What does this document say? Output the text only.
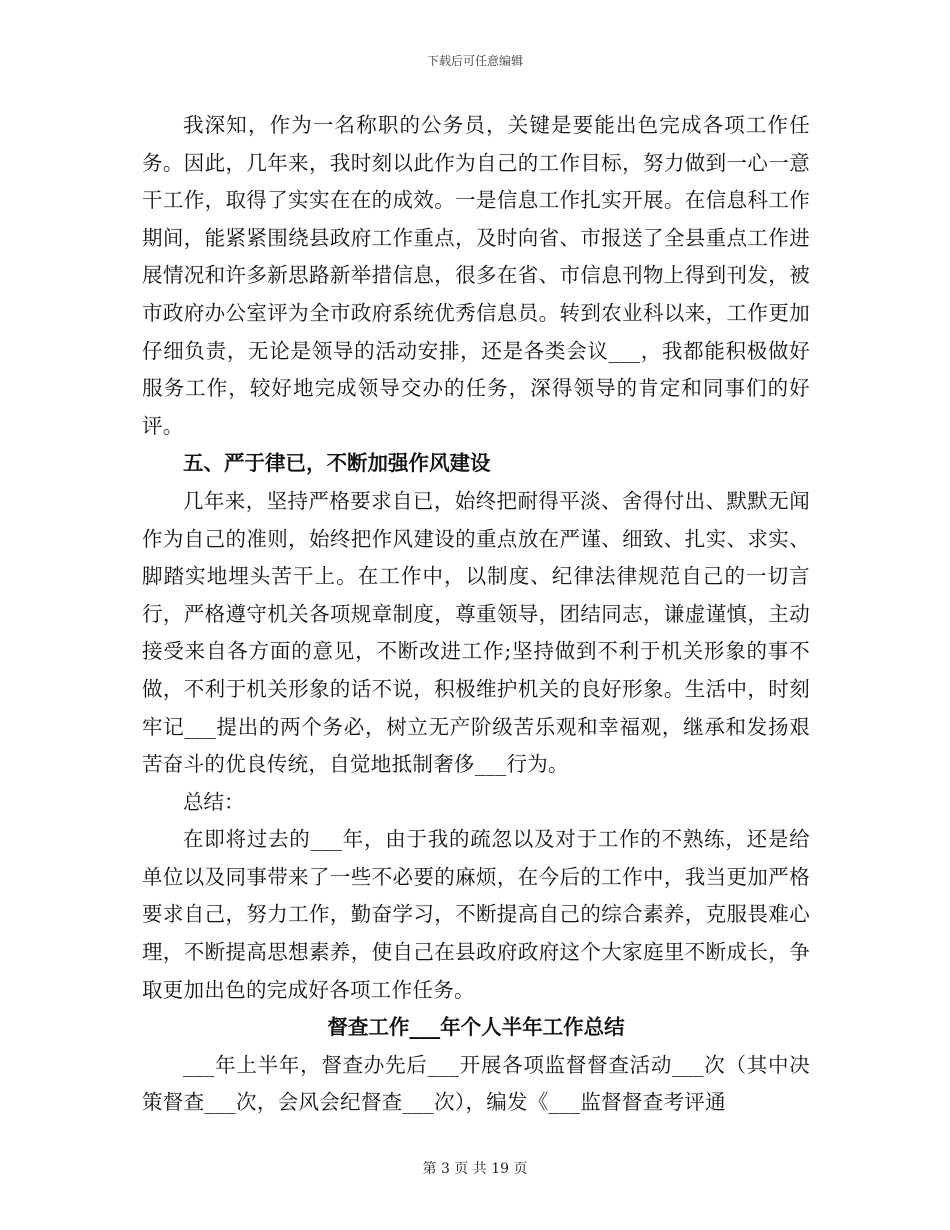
下载后可任意编辑

我深知，作为一名称职的公务员，关键是要能出色完成各项工作任务。因此，几年来，我时刻以此作为自己的工作目标，努力做到一心一意干工作，取得了实实在在的成效。一是信息工作扎实开展。在信息科工作期间，能紧紧围绕县政府工作重点，及时向省、市报送了全县重点工作进展情况和许多新思路新举措信息，很多在省、市信息刊物上得到刊发，被市政府办公室评为全市政府系统优秀信息员。转到农业科以来，工作更加仔细负责，无论是领导的活动安排，还是各类会议___，我都能积极做好服务工作，较好地完成领导交办的任务，深得领导的肯定和同事们的好评。

五、严于律已，不断加强作风建设

几年来，坚持严格要求自已，始终把耐得平淡、舍得付出、默默无闻作为自己的准则，始终把作风建设的重点放在严谨、细致、扎实、求实、脚踏实地埋头苦干上。在工作中，以制度、纪律法律规范自己的一切言行，严格遵守机关各项规章制度，尊重领导，团结同志，谦虚谨慎，主动接受来自各方面的意见，不断改进工作;坚持做到不利于机关形象的事不做，不利于机关形象的话不说，积极维护机关的良好形象。生活中，时刻牢记___提出的两个务必，树立无产阶级苦乐观和幸福观，继承和发扬艰苦奋斗的优良传统，自觉地抵制奢侈___行为。

总结：

在即将过去的___年，由于我的疏忽以及对于工作的不熟练，还是给单位以及同事带来了一些不必要的麻烦，在今后的工作中，我当更加严格要求自己，努力工作，勤奋学习，不断提高自己的综合素养，克服畏难心理，不断提高思想素养，使自己在县政府政府这个大家庭里不断成长，争取更加出色的完成好各项工作任务。

督查工作___年个人半年工作总结

___年上半年，督查办先后___开展各项监督督查活动___次（其中决策督查___次，会风会纪督查___次），编发《___监督督查考评通

第 3 页 共 19 页
